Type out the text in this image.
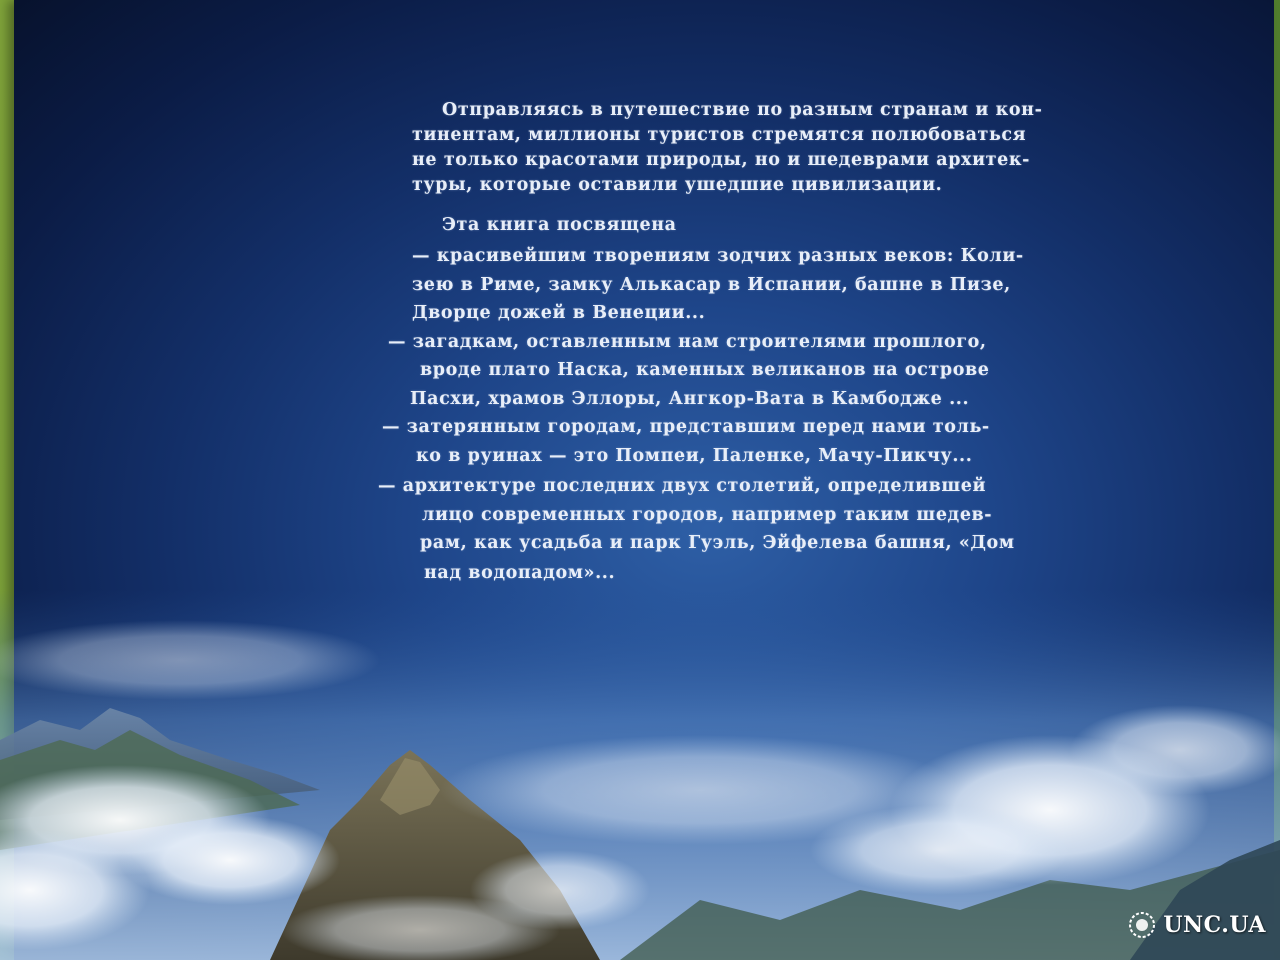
Отправляясь в путешествие по разным странам и кон-
тинентам, миллионы туристов стремятся полюбоваться
не только красотами природы, но и шедеврами архитек-
туры, которые оставили ушедшие цивилизации.
Эта книга посвящена
— красивейшим творениям зодчих разных веков: Коли-
зею в Риме, замку Алькасар в Испании, башне в Пизе,
Дворце дожей в Венеции...
— загадкам, оставленным нам строителями прошлого,
вроде плато Наска, каменных великанов на острове
Пасхи, храмов Эллоры, Ангкор-Вата в Камбодже ...
— затерянным городам, представшим перед нами толь-
ко в руинах — это Помпеи, Паленке, Мачу-Пикчу...
— архитектуре последних двух столетий, определившей
лицо современных городов, например таким шедев-
рам, как усадьба и парк Гуэль, Эйфелева башня, «Дом
над водопадом»...
UNC.UA
